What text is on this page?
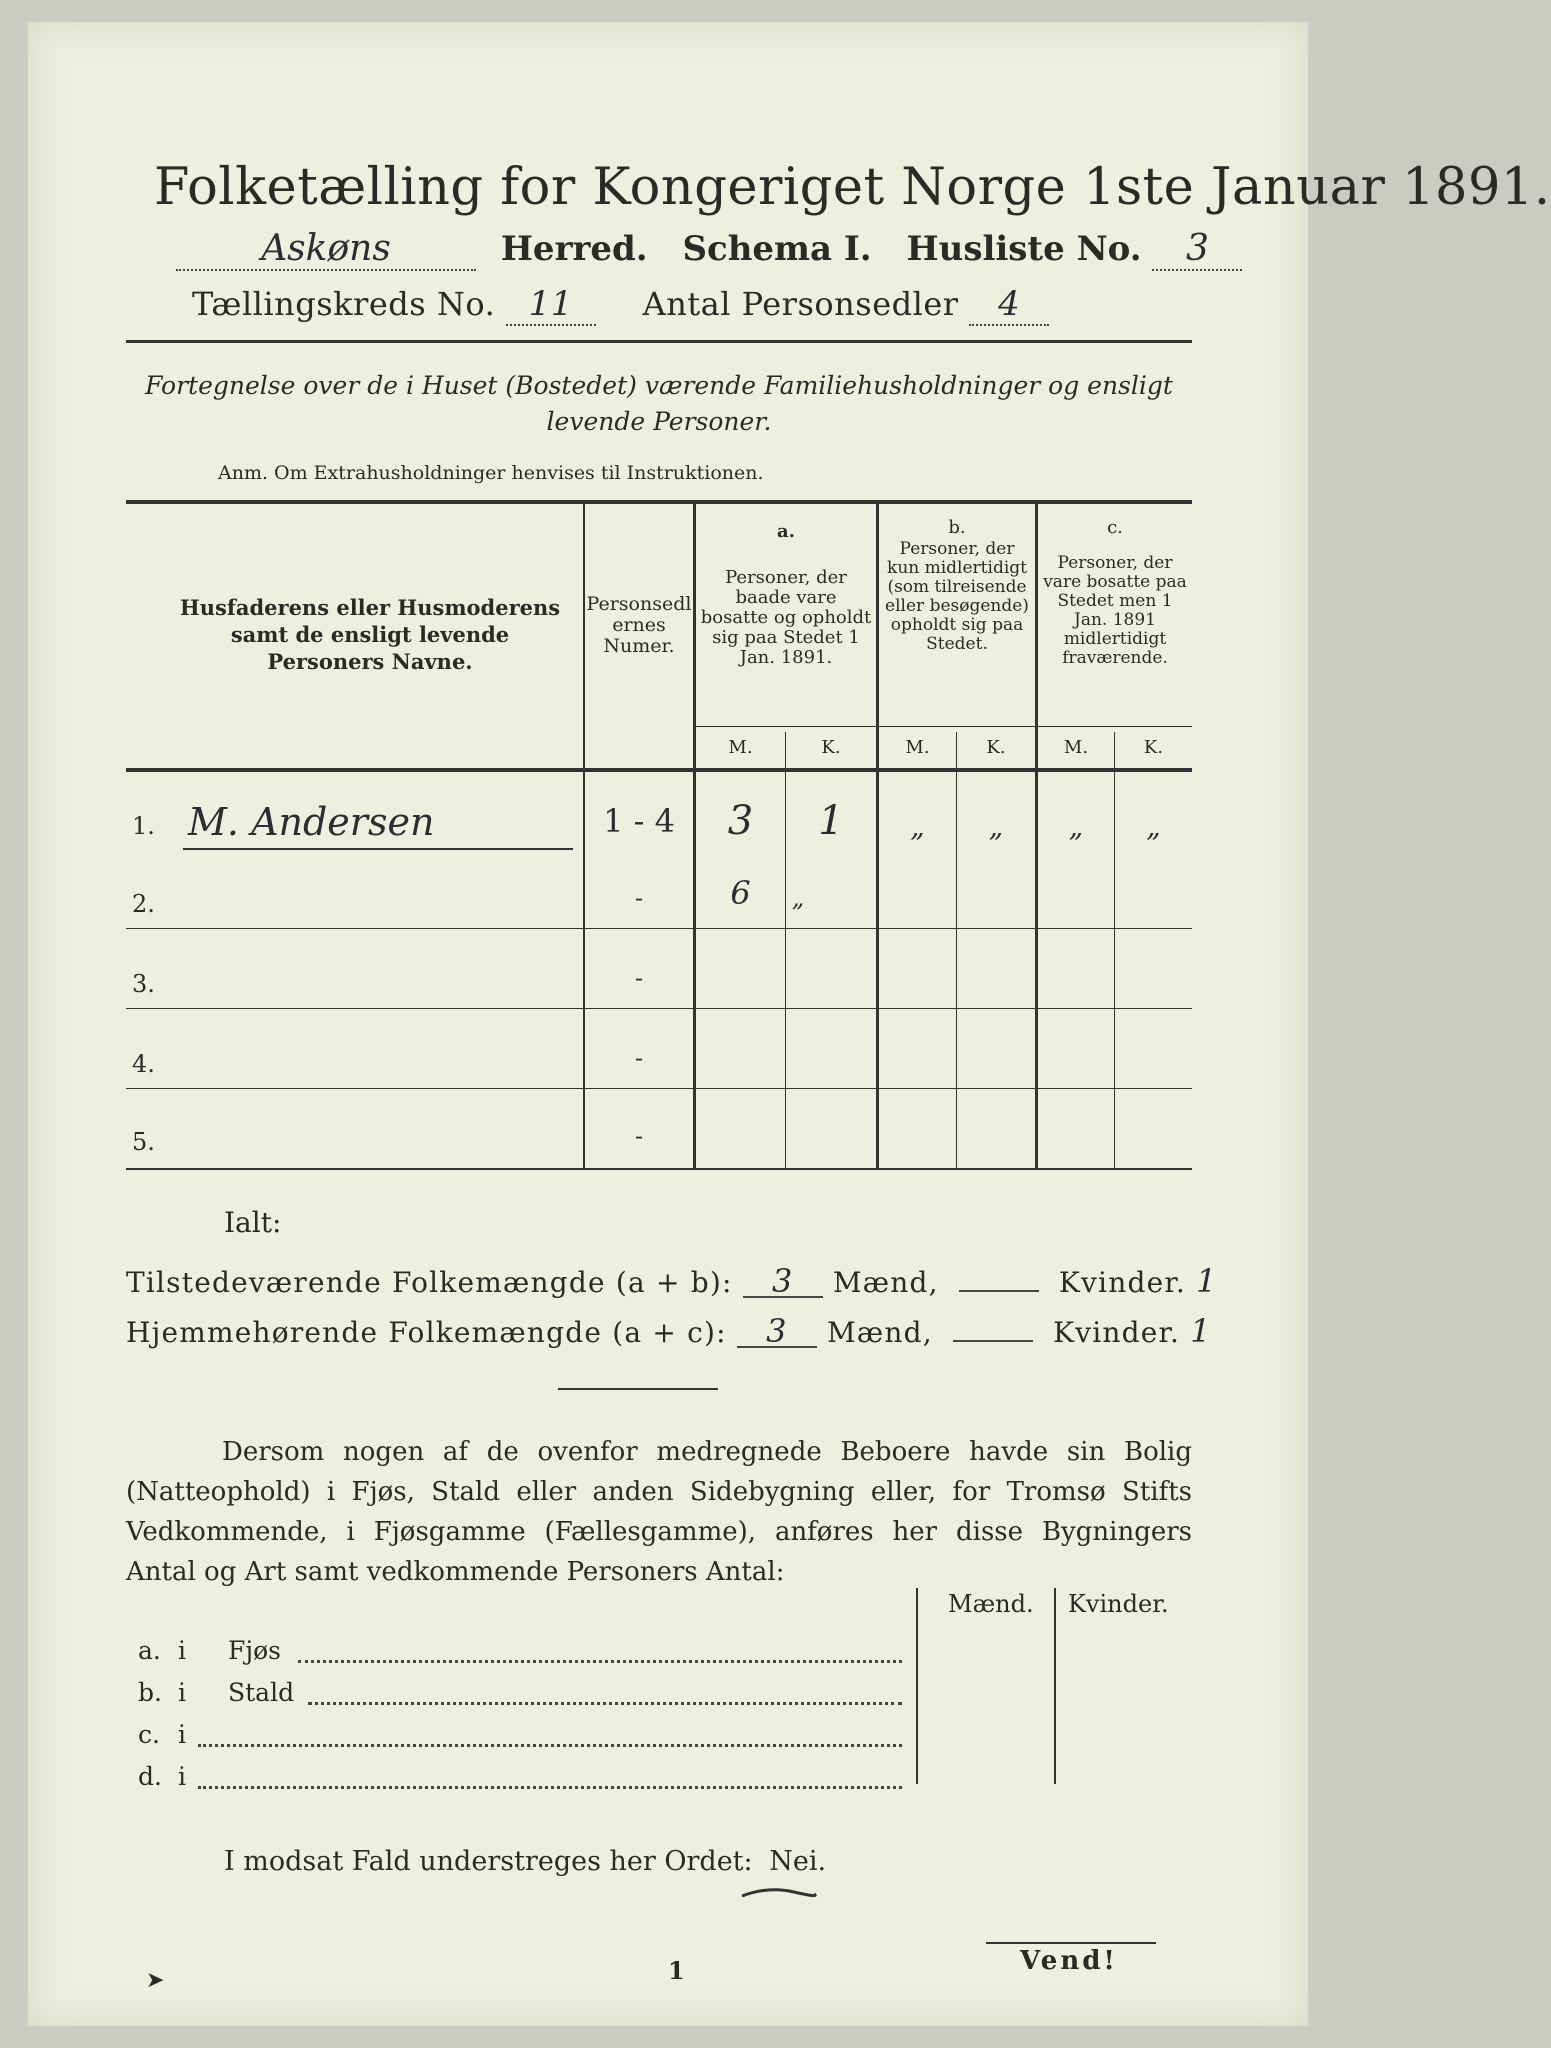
Folketælling for Kongeriget Norge 1ste Januar 1891.
Askøns	Herred. Schema I. Husliste No. 3
Tællingskreds No. 11 Antal Personsedler 4
Fortegnelse over de i Huset (Bostedet) værende Familiehusholdninger og ensligt levende Personer.
Anm. Om Extrahusholdninger henvises til Instruktionen.
Husfaderens eller Husmoderens samt de ensligt levende Personers Navne.
Personsedlernes Numer.
a.
Personer, der baade vare bosatte og opholdt sig paa Stedet 1 Jan. 1891.
b.
Personer, der kun midlertidigt (som tilreisende eller besøgende) opholdt sig paa Stedet.
c.
Personer, der vare bosatte paa Stedet men 1 Jan. 1891 midlertidigt fraværende.
M.	K.	M.	K.	M.	K.
1. M. Andersen	1 - 4	3	1	„	„	„	„
2.	-	6	„
3.	-
4.	-
5.	-
Ialt:
Tilstedeværende Folkemængde (a + b): 3 Mænd,	Kvinder. 1
Hjemmehørende Folkemængde (a + c): 3 Mænd,	Kvinder. 1
Dersom nogen af de ovenfor medregnede Beboere havde sin Bolig (Natteophold) i Fjøs, Stald eller anden Sidebygning eller, for Tromsø Stifts Vedkommende, i Fjøsgamme (Fællesgamme), anføres her disse Bygningers Antal og Art samt vedkommende Personers Antal:
Mænd. Kvinder.
a. i Fjøs
b. i Stald
c. i
d. i
I modsat Fald understreges her Ordet: Nei.
Vend!
1
➤
